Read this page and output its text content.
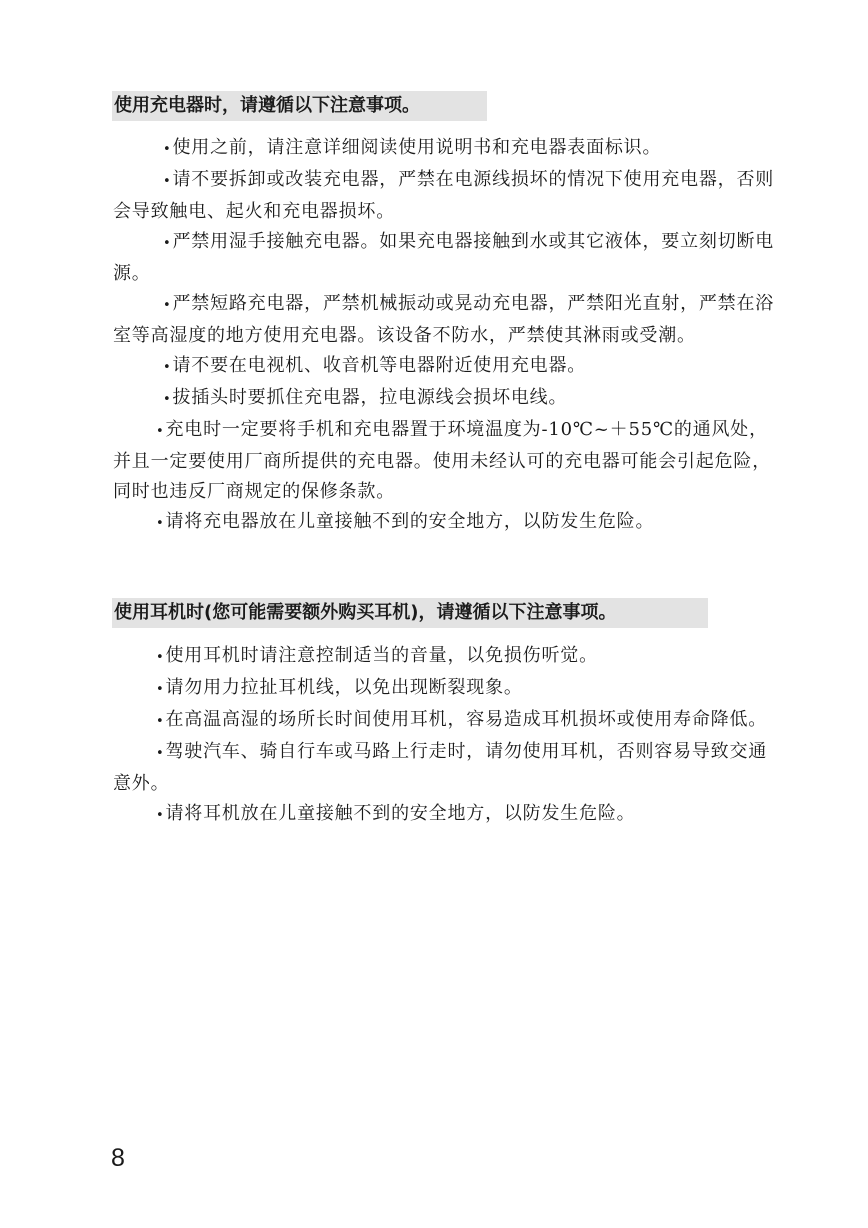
使用充电器时，请遵循以下注意事项。

• 使用之前，请注意详细阅读使用说明书和充电器表面标识。

• 请不要拆卸或改装充电器，严禁在电源线损坏的情况下使用充电器，否则会导致触电、起火和充电器损坏。

• 严禁用湿手接触充电器。如果充电器接触到水或其它液体，要立刻切断电源。

• 严禁短路充电器，严禁机械振动或晃动充电器，严禁阳光直射，严禁在浴室等高湿度的地方使用充电器。该设备不防水，严禁使其淋雨或受潮。

• 请不要在电视机、收音机等电器附近使用充电器。

• 拔插头时要抓住充电器，拉电源线会损坏电线。

• 充电时一定要将手机和充电器置于环境温度为-10℃~＋55℃的通风处，并且一定要使用厂商所提供的充电器。使用未经认可的充电器可能会引起危险，同时也违反厂商规定的保修条款。

• 请将充电器放在儿童接触不到的安全地方，以防发生危险。

使用耳机时(您可能需要额外购买耳机)，请遵循以下注意事项。

• 使用耳机时请注意控制适当的音量，以免损伤听觉。

• 请勿用力拉扯耳机线，以免出现断裂现象。

• 在高温高湿的场所长时间使用耳机，容易造成耳机损坏或使用寿命降低。

• 驾驶汽车、骑自行车或马路上行走时，请勿使用耳机，否则容易导致交通意外。

• 请将耳机放在儿童接触不到的安全地方，以防发生危险。

8
